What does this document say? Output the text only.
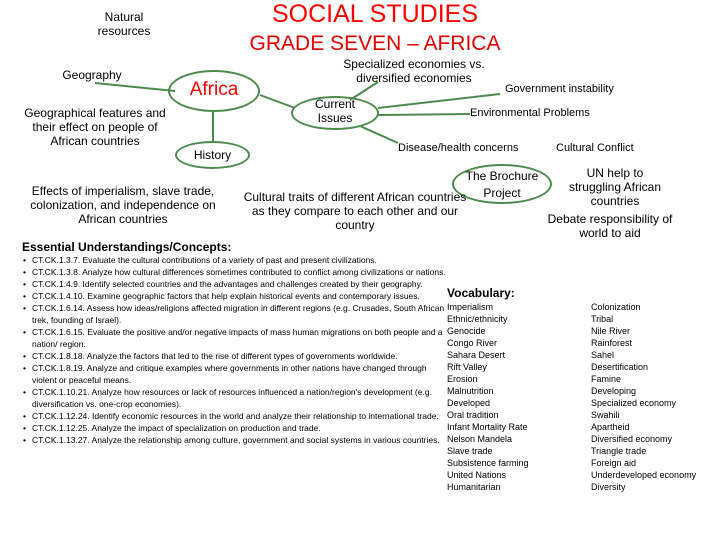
SOCIAL STUDIES
GRADE SEVEN – AFRICA
Natural resources
Geography
Geographical features and their effect on people of African countries
Africa
History
Effects of imperialism, slave trade, colonization, and independence on African countries
Current Issues
Specialized economies vs. diversified economies
Government instability
Environmental Problems
Disease/health concerns	Cultural Conflict
The Brochure Project
UN help to struggling African countries
Cultural traits of different African countries as they compare to each other and our country	Debate responsibility of world to aid
Essential Understandings/Concepts:
• CT.CK.1.3.7. Evaluate the cultural contributions of a variety of past and present civilizations.
• CT.CK.1.3.8. Analyze how cultural differences sometimes contributed to conflict among civilizations or nations.
• CT.CK.1.4.9. Identify selected countries and the advantages and challenges created by their geography.
• CT.CK.1.4.10. Examine geographic factors that help explain historical events and contemporary issues.
• CT.CK.1.6.14. Assess how ideas/religions affected migration in different regions (e.g. Crusades, South African trek, founding of Israel).
• CT.CK.1.6.15. Evaluate the positive and/or negative impacts of mass human migrations on both people and a nation/ region.
• CT.CK.1.8.18. Analyze the factors that led to the rise of different types of governments worldwide.
• CT.CK.1.8.19. Analyze and critique examples where governments in other nations have changed through violent or peaceful means.
• CT.CK.1.10.21. Analyze how resources or lack of resources influenced a nation/region's development (e.g. diversification vs. one-crop economies).
• CT.CK.1.12.24. Identify economic resources in the world and analyze their relationship to international trade.
• CT.CK.1.12.25. Analyze the impact of specialization on production and trade.
• CT.CK.1.13.27. Analyze the relationship among culture, government and social systems in various countries.
Vocabulary:
Imperialism
Ethnic/ethnicity
Genocide
Congo River
Sahara Desert
Rift Valley
Erosion
Malnutrition
Developed
Oral tradition
Infant Mortality Rate
Nelson Mandela
Slave trade
Subsistence farming
United Nations
Humanitarian
Colonization
Tribal
Nile River
Rainforest
Sahel
Desertification
Famine
Developing
Specialized economy
Swahili
Apartheid
Diversified economy
Triangle trade
Foreign aid
Underdeveloped economy
Diversity
